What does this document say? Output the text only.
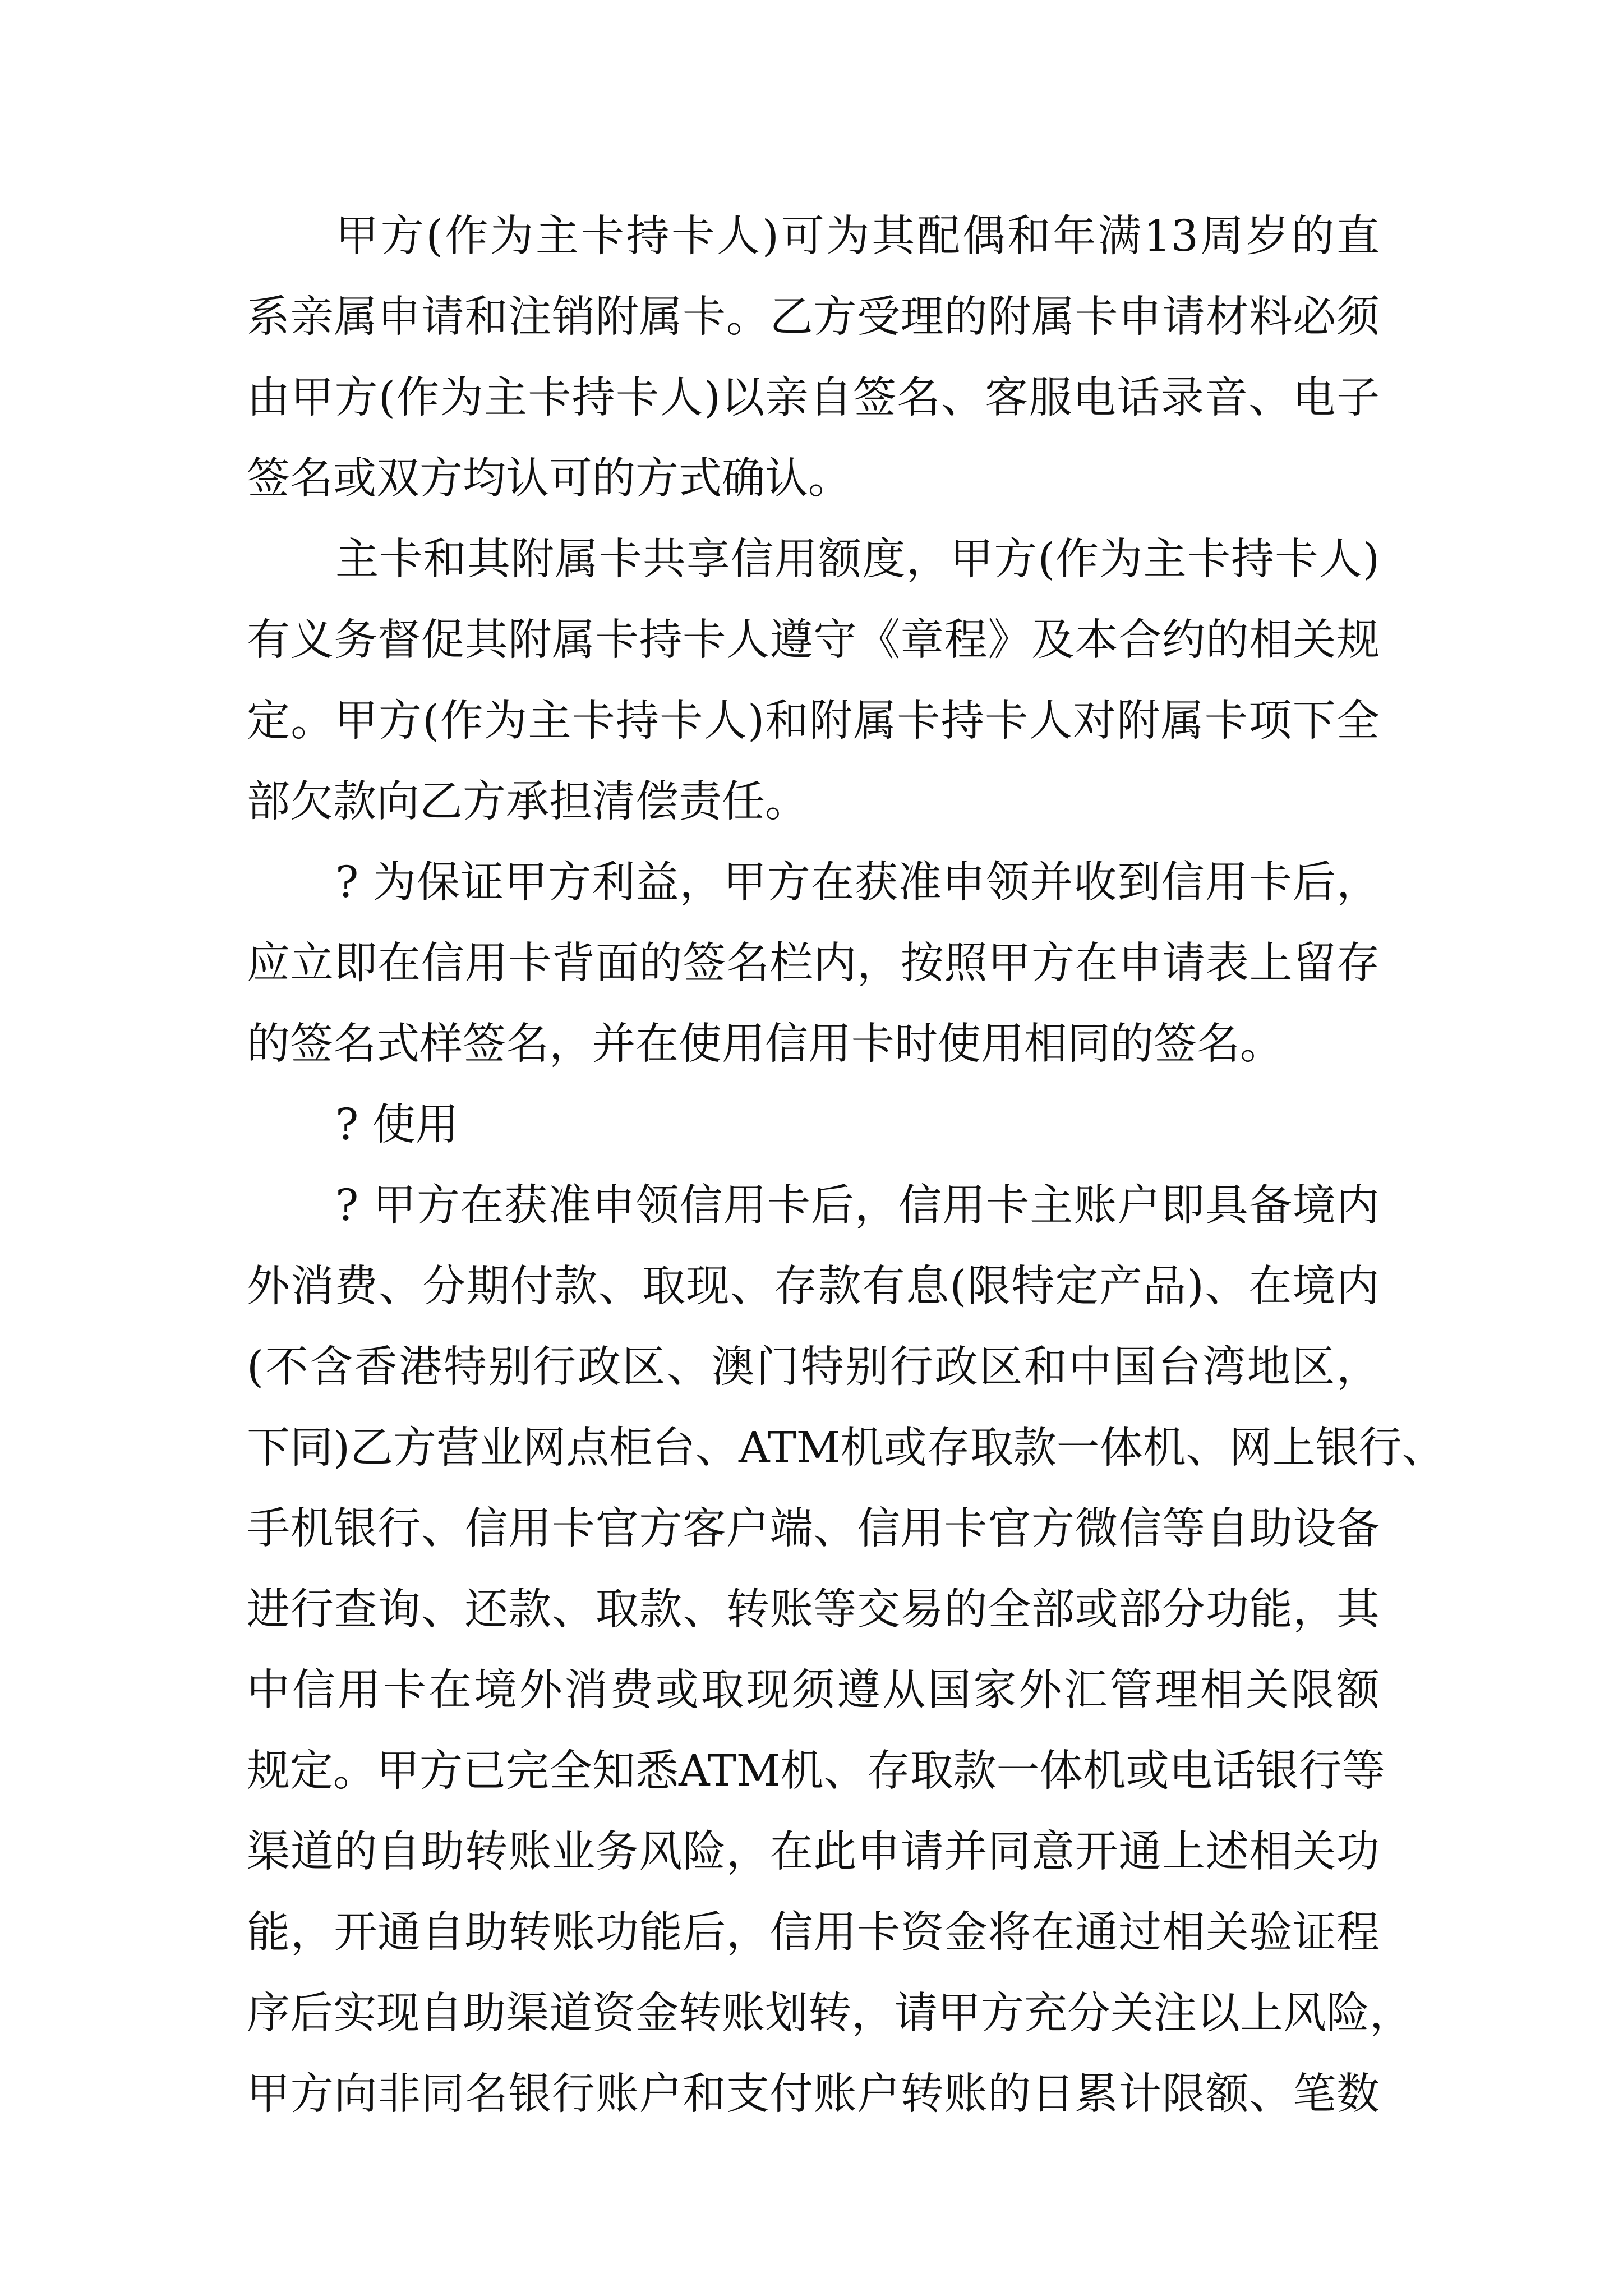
甲方(作为主卡持卡人)可为其配偶和年满13周岁的直
系亲属申请和注销附属卡。乙方受理的附属卡申请材料必须
由甲方(作为主卡持卡人)以亲自签名、客服电话录音、电子
签名或双方均认可的方式确认。
主卡和其附属卡共享信用额度，甲方(作为主卡持卡人)
有义务督促其附属卡持卡人遵守《章程》及本合约的相关规
定。甲方(作为主卡持卡人)和附属卡持卡人对附属卡项下全
部欠款向乙方承担清偿责任。
? 为保证甲方利益，甲方在获准申领并收到信用卡后，
应立即在信用卡背面的签名栏内，按照甲方在申请表上留存
的签名式样签名，并在使用信用卡时使用相同的签名。
? 使用
? 甲方在获准申领信用卡后，信用卡主账户即具备境内
外消费、分期付款、取现、存款有息(限特定产品)、在境内
(不含香港特别行政区、澳门特别行政区和中国台湾地区，
下同)乙方营业网点柜台、ATM机或存取款一体机、网上银行、
手机银行、信用卡官方客户端、信用卡官方微信等自助设备
进行查询、还款、取款、转账等交易的全部或部分功能，其
中信用卡在境外消费或取现须遵从国家外汇管理相关限额
规定。甲方已完全知悉ATM机、存取款一体机或电话银行等
渠道的自助转账业务风险，在此申请并同意开通上述相关功
能，开通自助转账功能后，信用卡资金将在通过相关验证程
序后实现自助渠道资金转账划转，请甲方充分关注以上风险，
甲方向非同名银行账户和支付账户转账的日累计限额、笔数
